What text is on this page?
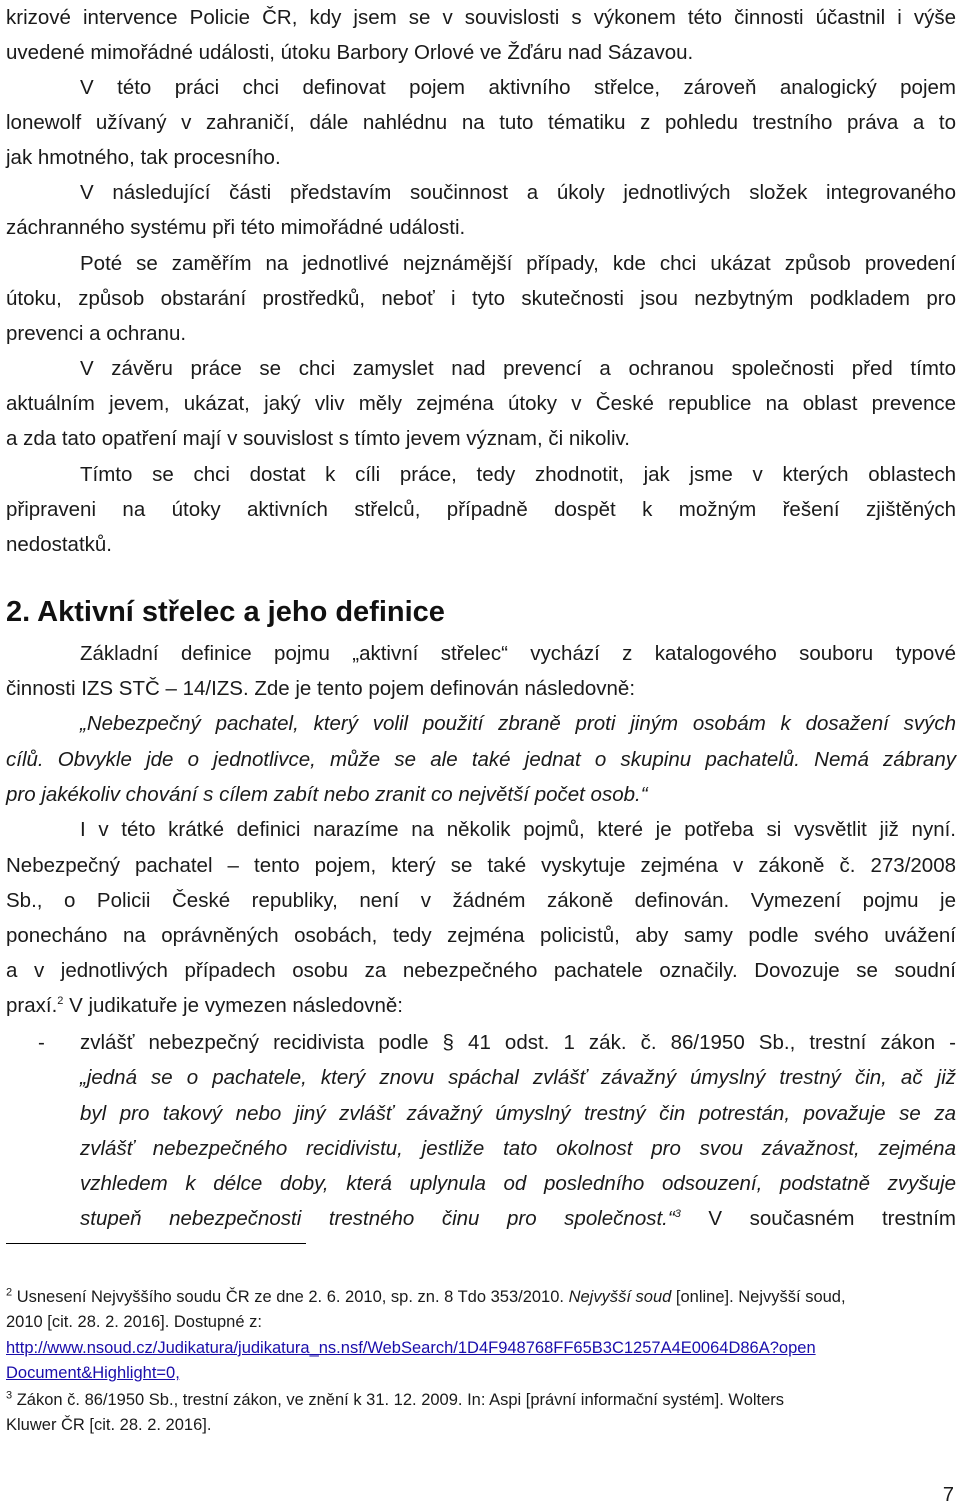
krizové intervence Policie ČR, kdy jsem se v souvislosti s výkonem této činnosti účastnil i výše
uvedené mimořádné události, útoku Barbory Orlové ve Žďáru nad Sázavou.
V této práci chci definovat pojem aktivního střelce, zároveň analogický pojem
lonewolf užívaný v zahraničí, dále nahlédnu na tuto tématiku z pohledu trestního práva a to
jak hmotného, tak procesního.
V následující části představím součinnost a úkoly jednotlivých složek integrovaného
záchranného systému při této mimořádné události.
Poté se zaměřím na jednotlivé nejznámější případy, kde chci ukázat způsob provedení
útoku, způsob obstarání prostředků, neboť i tyto skutečnosti jsou nezbytným podkladem pro
prevenci a ochranu.
V závěru práce se chci zamyslet nad prevencí a ochranou společnosti před tímto
aktuálním jevem, ukázat, jaký vliv měly zejména útoky v České republice na oblast prevence
a zda tato opatření mají v souvislost s tímto jevem význam, či nikoliv.
Tímto se chci dostat k cíli práce, tedy zhodnotit, jak jsme v kterých oblastech
připraveni na útoky aktivních střelců, případně dospět k možným řešení zjištěných
nedostatků.
2. Aktivní střelec a jeho definice
Základní definice pojmu „aktivní střelec“ vychází z katalogového souboru typové
činnosti IZS STČ – 14/IZS. Zde je tento pojem definován následovně:
„Nebezpečný pachatel, který volil použití zbraně proti jiným osobám k dosažení svých
cílů. Obvykle jde o jednotlivce, může se ale také jednat o skupinu pachatelů. Nemá zábrany
pro jakékoliv chování s cílem zabít nebo zranit co největší počet osob.“
I v této krátké definici narazíme na několik pojmů, které je potřeba si vysvětlit již nyní.
Nebezpečný pachatel – tento pojem, který se také vyskytuje zejména v zákoně č. 273/2008
Sb., o Policii České republiky, není v žádném zákoně definován. Vymezení pojmu je
ponecháno na oprávněných osobách, tedy zejména policistů, aby samy podle svého uvážení
a v jednotlivých případech osobu za nebezpečného pachatele označily. Dovozuje se soudní
praxí.$^2$ V judikatuře je vymezen následovně:
- zvlášť nebezpečný recidivista podle § 41 odst. 1 zák. č. 86/1950 Sb., trestní zákon -
„jedná se o pachatele, který znovu spáchal zvlášť závažný úmyslný trestný čin, ač již
byl pro takový nebo jiný zvlášť závažný úmyslný trestný čin potrestán, považuje se za
zvlášť nebezpečného recidivistu, jestliže tato okolnost pro svou závažnost, zejména
vzhledem k délce doby, která uplynula od posledního odsouzení, podstatně zvyšuje
stupeň nebezpečnosti trestného činu pro společnost.“$^3$ V současném trestním
$^2$ Usnesení Nejvyššího soudu ČR ze dne 2. 6. 2010, sp. zn. 8 Tdo 353/2010. Nejvyšší soud [online]. Nejvyšší soud,
2010 [cit. 28. 2. 2016]. Dostupné z:
http://www.nsoud.cz/Judikatura/judikatura_ns.nsf/WebSearch/1D4F948768FF65B3C1257A4E0064D86A?open
Document&Highlight=0,
$^3$ Zákon č. 86/1950 Sb., trestní zákon, ve znění k 31. 12. 2009. In: Aspi [právní informační systém]. Wolters
Kluwer ČR [cit. 28. 2. 2016].
7
